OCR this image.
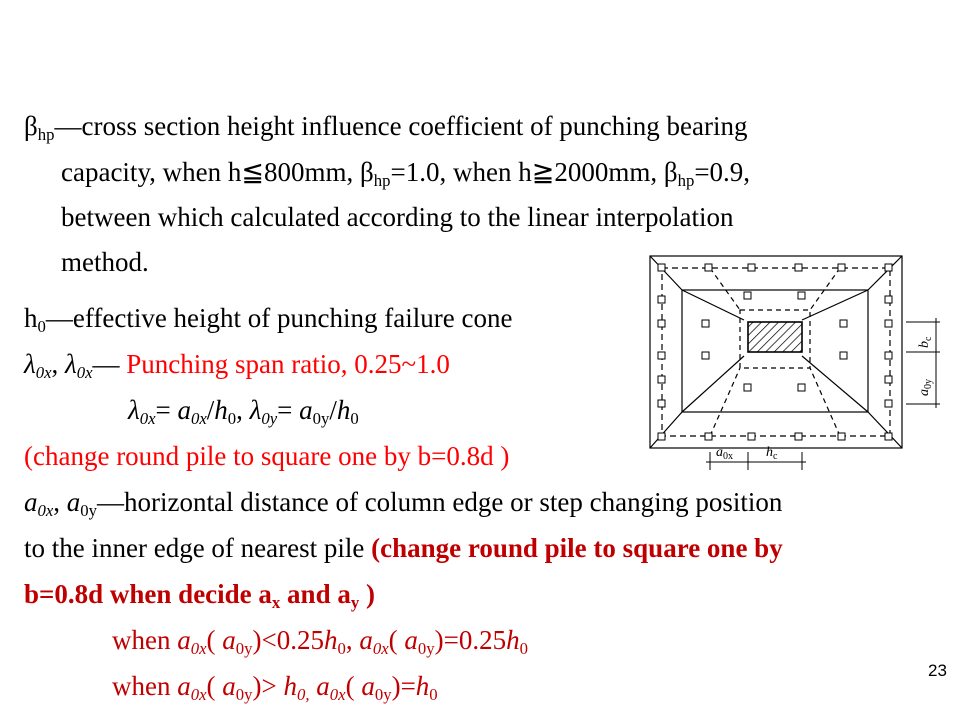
$\beta_{hp}—cross$ section height influence coefficient of punching bearing
capacity, when h≦800mm, $\beta_{hp}=1.0$, when h≧2000mm, $\beta_{hp}=0.9$,
between which calculated according to the linear interpolation
method.
$h_0—effective$ height of punching failure cone
$\lambda_{0x}$, $\lambda_{0x}—$ Punching span ratio, 0.25~1.0
$\lambda_{0x}= a_{0x}/h_0$, $\lambda_{0y}= a_{0y}/h_0$
(change round pile to square one by b=0.8d )
$a_{0x}$, $a_{0y}—horizontal$ distance of column edge or step changing position
to the inner edge of nearest pile (change round pile to square one by
b=0.8d when decide $a_x$ and $a_y$ )
when $a_{0x}$( $a_{0y})<0.25h_0$, $a_{0x}$( $a_{0y})=0.25h_0$
when $a_{0x}$( $a_{0y})> h_{0,}$ $a_{0x}$( $a_{0y})=h_0$
$b_c$
$a_{0y}$
$a_{0x}$ $h_c$
23
